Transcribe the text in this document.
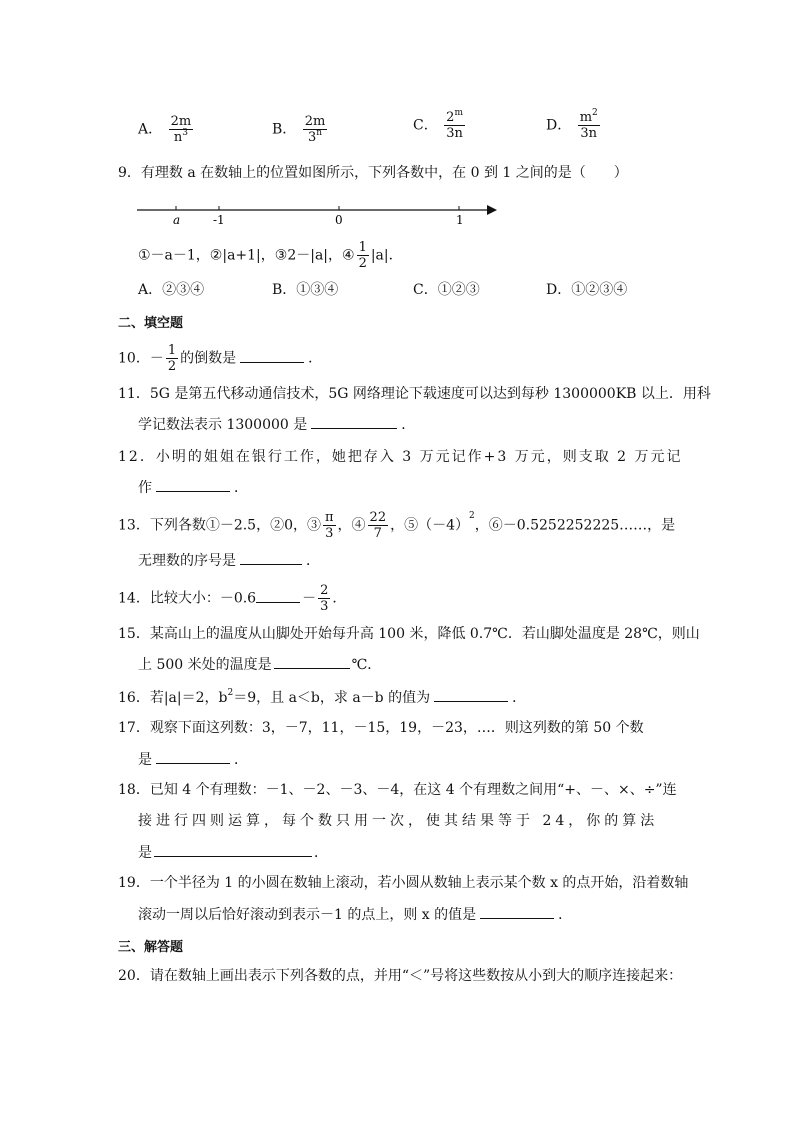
A． $\frac{2m}{n^3}$	B． $\frac{2m}{3^n}$	C． $\frac{2^m}{3n}$	D． $\frac{m^2}{3n}$
9．有理数 a 在数轴上的位置如图所示，下列各数中，在 0 到 1 之间的是（　　）
a	-1	0	1
①－a－1，②|a+1|，③2－|a|，④ $\frac{1}{2} |a|$．
A．②③④	B．①③④	C．①②③	D．①②③④
二、填空题
10．－ $\frac{1}{2}$ 的倒数是	．
11．5G 是第五代移动通信技术，5G 网络理论下载速度可以达到每秒 1300000KB 以上．用科
学记数法表示 1300000 是	．
12．小明的姐姐在银行工作，她把存入 3 万元记作+3 万元，则支取 2 万元记
作	．
13．下列各数①－2.5，②0，③ $\frac{\pi}{3}$ ，④ $\frac{22}{7}$ ，$⑤(-4)^2$，⑥－0.5252252225……，是
无理数的序号是	．
14．比较大小：－0.6	－ $\frac{2}{3}$ ．
15．某高山上的温度从山脚处开始每升高 100 米，降低 0.7℃．若山脚处温度是 28℃，则山
上 500 米处的温度是	℃．
16．若|a|＝2，$b^2=9$，且 a＜b，求 a－b 的值为	．
17．观察下面这列数：3，－7，11，－15，19，－23，…．则这列数的第 50 个数
是	．
18．已知 4 个有理数：－1、－2、－3、－4，在这 4 个有理数之间用“+、－、×、÷”连
接进行四则运算，每个数只用一次，使其结果等于 24，你的算法
是	．
19．一个半径为 1 的小圆在数轴上滚动，若小圆从数轴上表示某个数 x 的点开始，沿着数轴
滚动一周以后恰好滚动到表示－1 的点上，则 x 的值是	．
三、解答题
20．请在数轴上画出表示下列各数的点，并用“＜”号将这些数按从小到大的顺序连接起来：
